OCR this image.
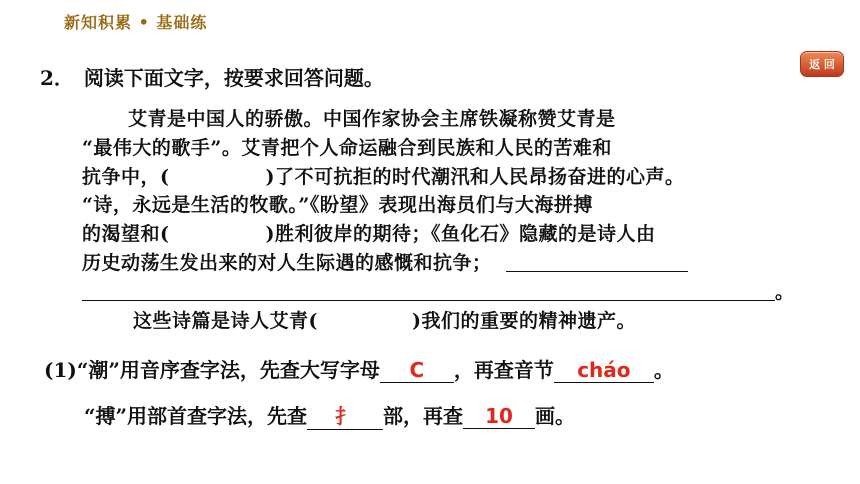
新知积累 • 基础练
返 回
2． 阅读下面文字，按要求回答问题。
艾青是中国人的骄傲。中国作家协会主席铁凝称赞艾青是
“最伟大的歌手”。艾青把个人命运融合到民族和人民的苦难和
抗争中，(	)了不可抗拒的时代潮汛和人民昂扬奋进的心声。
“诗，永远是生活的牧歌。”《盼望》表现出海员们与大海拼搏
的渴望和(	)胜利彼岸的期待；《鱼化石》隐藏的是诗人由
历史动荡生发出来的对人生际遇的感慨和抗争；
。
这些诗篇是诗人艾青(	)我们的重要的精神遗产。
(1)“潮”用音序查字法，先查大写字母 C ，再查音节 cháo 。
“搏”用部首查字法，先查 扌 部，再查 10 画。
